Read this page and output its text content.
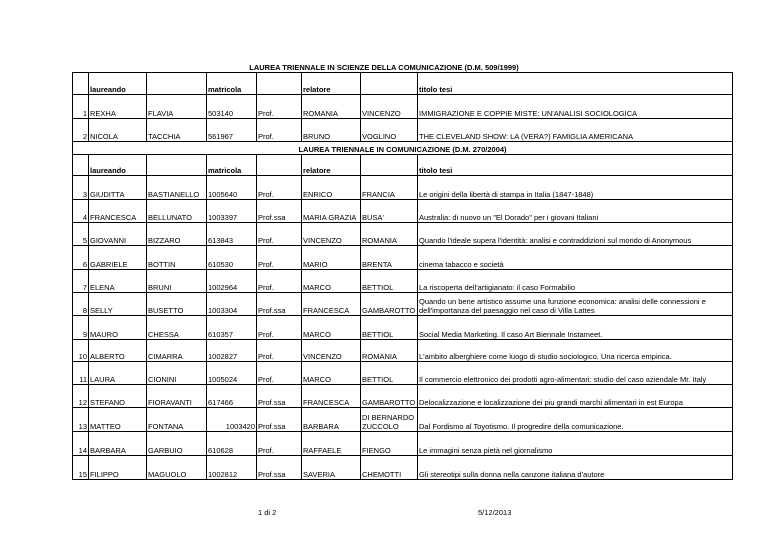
LAUREA TRIENNALE IN SCIENZE DELLA COMUNICAZIONE (D.M. 509/1999)
	laureando		matricola		relatore		titolo tesi
1	REXHA	FLAVIA	503140	Prof.	ROMANIA	VINCENZO	IMMIGRAZIONE E COPPIE MISTE: UN'ANALISI SOCIOLOGICA
2	NICOLA	TACCHIA	561967	Prof.	BRUNO	VOGLINO	THE CLEVELAND SHOW: LA (VERA?) FAMIGLIA AMERICANA
LAUREA TRIENNALE IN COMUNICAZIONE (D.M. 270/2004)							
	laureando		matricola		relatore		titolo tesi
3	GIUDITTA	BASTIANELLO	1005640	Prof.	ENRICO	FRANCIA	Le origini della libertà di stampa in Italia (1847-1848)
4	FRANCESCA	BELLUNATO	1003397	Prof.ssa	MARIA GRAZIA	BUSA'	Australia: di nuovo un "El Dorado" per i giovani Italiani
5	GIOVANNI	BIZZARO	613843	Prof.	VINCENZO	ROMANIA	Quando l'ideale supera l'identità: analisi e contraddizioni sul mondo di Anonymous
6	GABRIELE	BOTTIN	610530	Prof.	MARIO	BRENTA	cinema tabacco e società
7	ELENA	BRUNI	1002964	Prof.	MARCO	BETTIOL	La riscoperta dell'artigianato: il caso Formabilio
8	SELLY	BUSETTO	1003304	Prof.ssa	FRANCESCA	GAMBAROTTO	Quando un bene artistico assume una funzione economica: analisi delle connessioni e dell'importanza del paesaggio nel caso di Villa Lattes
9	MAURO	CHESSA	610357	Prof.	MARCO	BETTIOL	Social Media Marketing. Il caso Art Biennale Instameet.
10	ALBERTO	CIMARRA	1002827	Prof.	VINCENZO	ROMANIA	L'ambito alberghiere come luogo di studio sociologico. Una ricerca empirica.
11	LAURA	CIONINI	1005024	Prof.	MARCO	BETTIOL	Il commercio elettronico dei prodotti agro-alimentari: studio del caso aziendale Mr. Italy
12	STEFANO	FIORAVANTI	617466	Prof.ssa	FRANCESCA	GAMBAROTTO	Delocalizzazione e localizzazione dei piu grandi marchi alimentari in est Europa
13	MATTEO	FONTANA	1003420	Prof.ssa	BARBARA	DI BERNARDO ZUCCOLO	Dal Fordismo al Toyotismo. Il progredire della comunicazione.
14	BARBARA	GARBUIO	610628	Prof.	RAFFAELE	FIENGO	Le immagini senza pietà nel giornalismo
15	FILIPPO	MAGUOLO	1002812	Prof.ssa	SAVERIA	CHEMOTTI	Gli stereotipi sulla donna nella canzone italiana d'autore
1 di 2	5/12/2013
